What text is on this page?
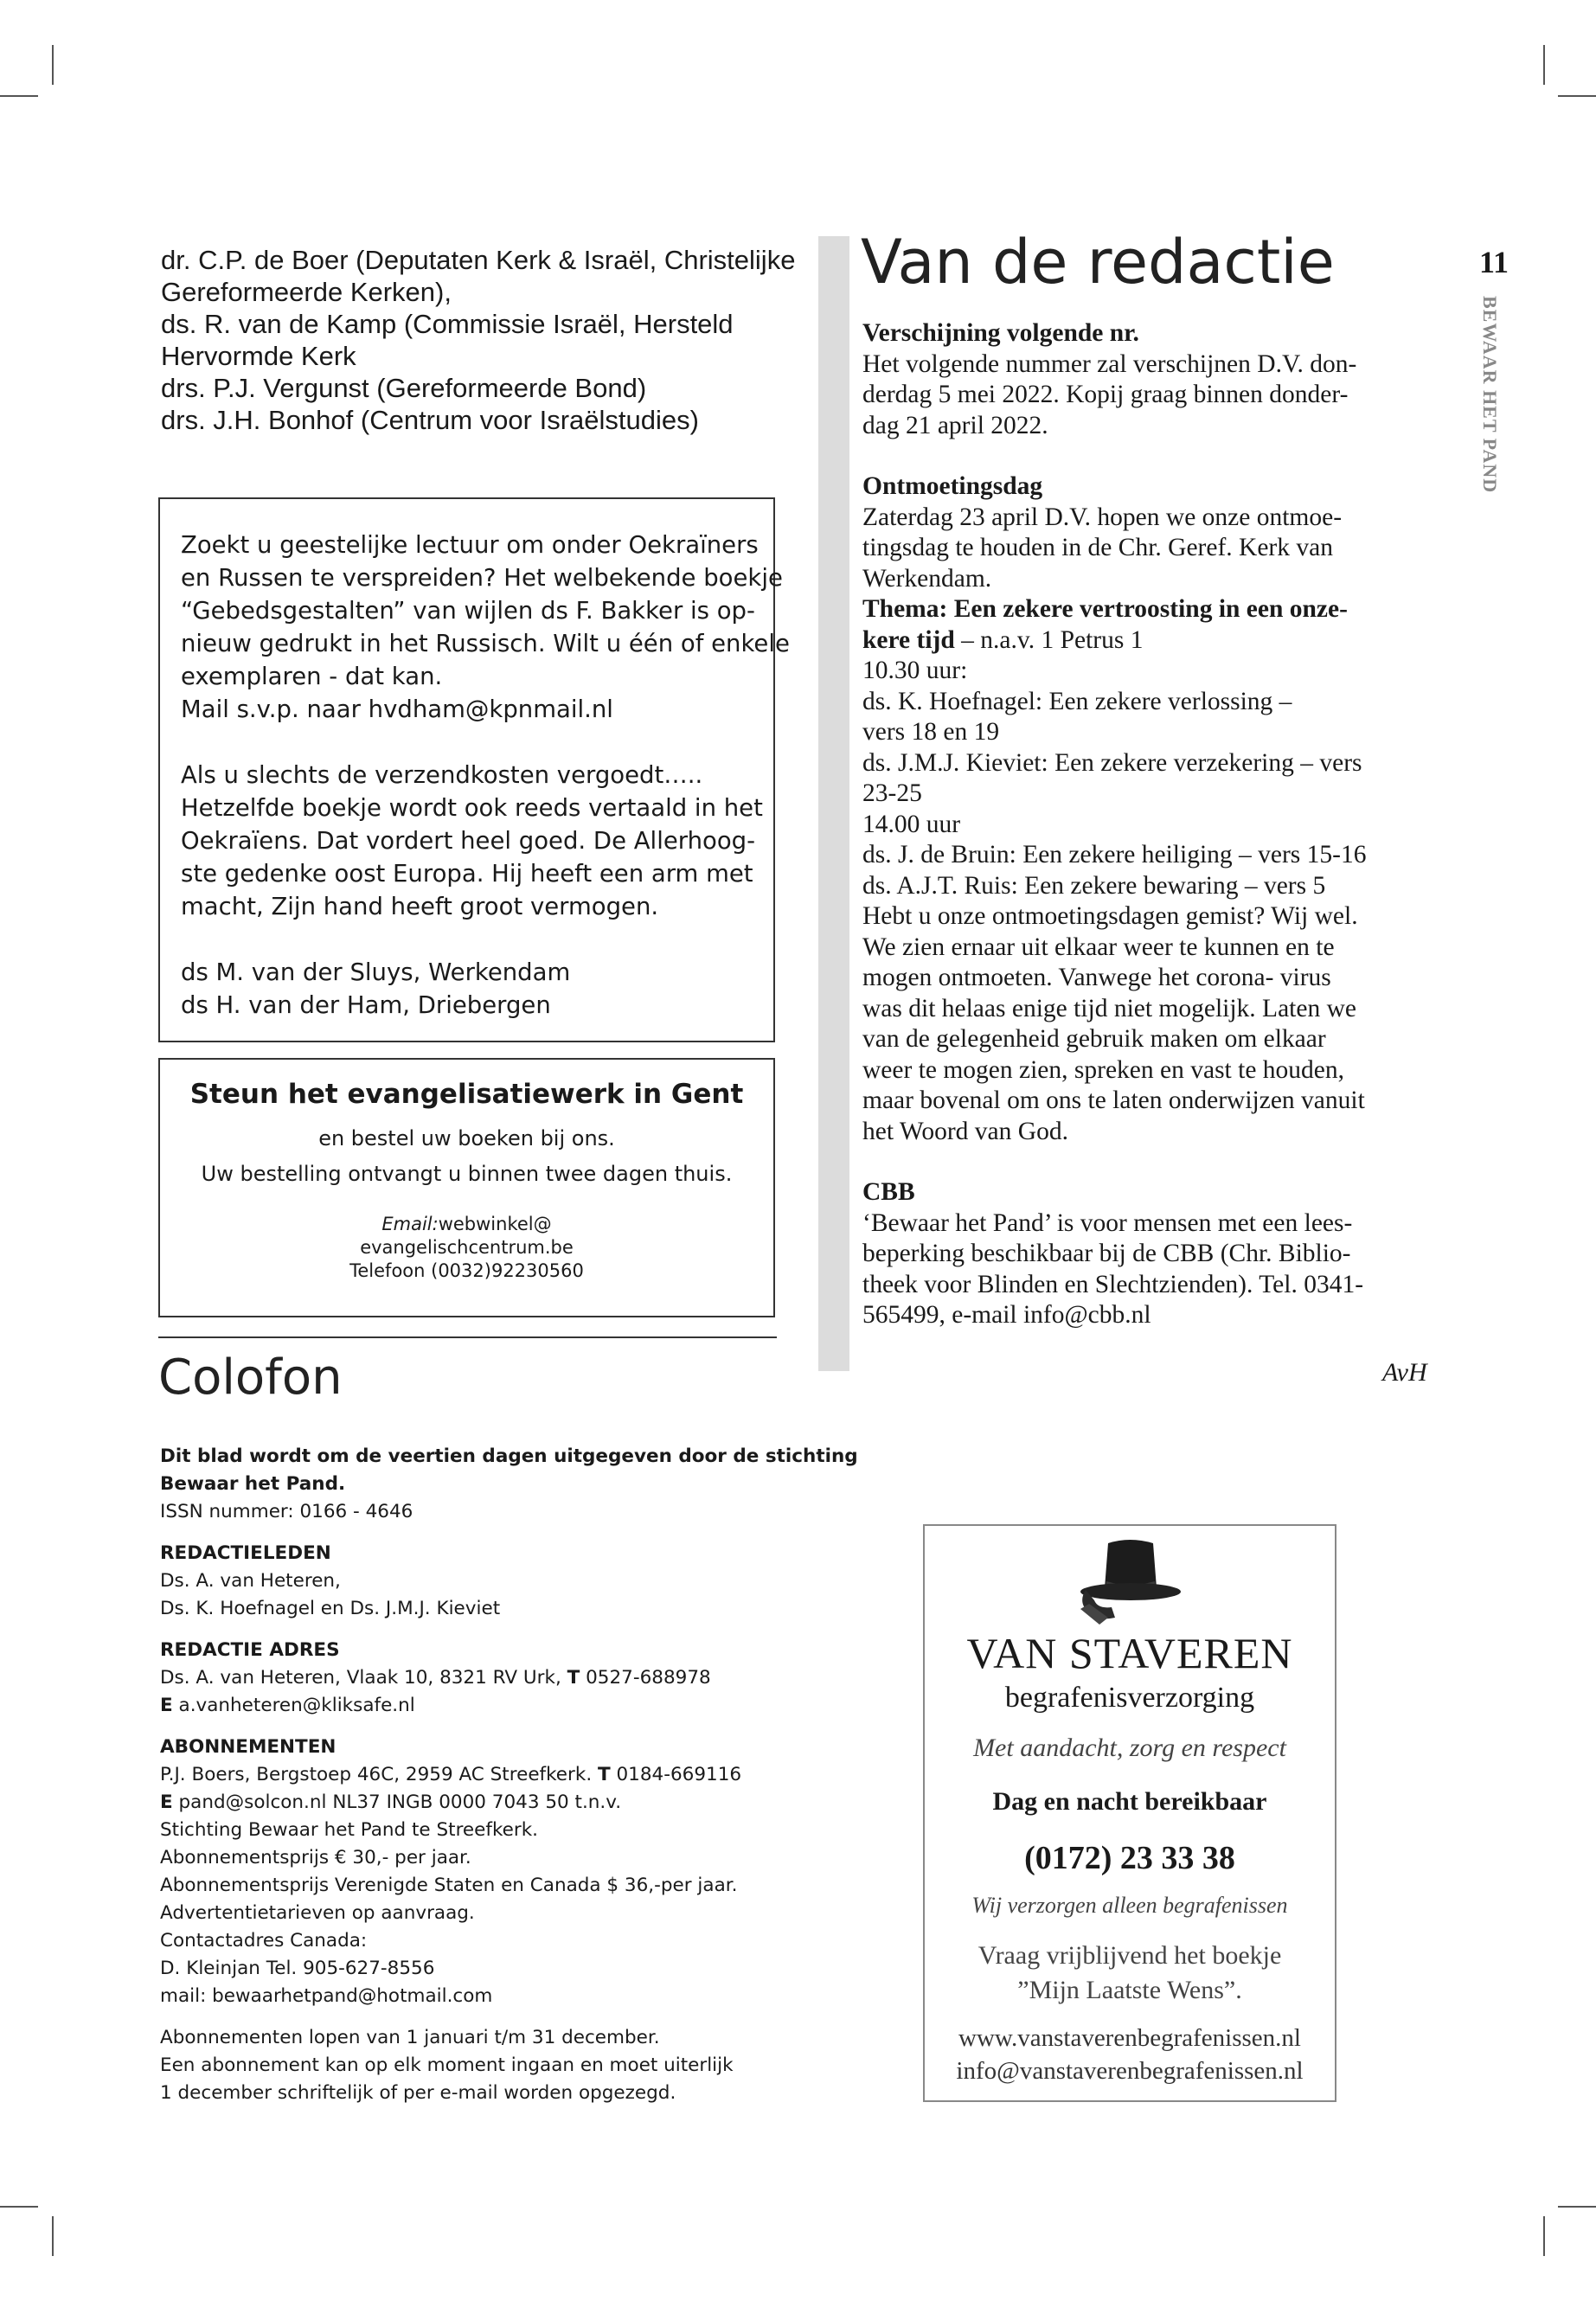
dr. C.P. de Boer (Deputaten Kerk & Israël, Christelijke
Gereformeerde Kerken),
ds. R. van de Kamp (Commissie Israël, Hersteld
Hervormde Kerk
drs. P.J. Vergunst (Gereformeerde Bond)
drs. J.H. Bonhof (Centrum voor Israëlstudies)
Zoekt u geestelijke lectuur om onder Oekraïners
en Russen te verspreiden? Het welbekende boekje
“Gebedsgestalten” van wijlen ds F. Bakker is op-
nieuw gedrukt in het Russisch. Wilt u één of enkele
exemplaren - dat kan.
Mail s.v.p. naar hvdham@kpnmail.nl
Als u slechts de verzendkosten vergoedt…..
Hetzelfde boekje wordt ook reeds vertaald in het
Oekraïens. Dat vordert heel goed. De Allerhoog-
ste gedenke oost Europa. Hij heeft een arm met
macht, Zijn hand heeft groot vermogen.
ds M. van der Sluys, Werkendam
ds H. van der Ham, Driebergen
Steun het evangelisatiewerk in Gent
en bestel uw boeken bij ons.
Uw bestelling ontvangt u binnen twee dagen thuis.
Email:webwinkel@
evangelischcentrum.be
Telefoon (0032)92230560
Colofon
Dit blad wordt om de veertien dagen uitgegeven door de stichting
Bewaar het Pand.
ISSN nummer: 0166 - 4646
REDACTIELEDEN
Ds. A. van Heteren,
Ds. K. Hoefnagel en Ds. J.M.J. Kieviet
REDACTIE ADRES
Ds. A. van Heteren, Vlaak 10, 8321 RV Urk, T 0527-688978
E a.vanheteren@kliksafe.nl
ABONNEMENTEN
P.J. Boers, Bergstoep 46C, 2959 AC Streefkerk. T 0184-669116
E pand@solcon.nl NL37 INGB 0000 7043 50 t.n.v.
Stichting Bewaar het Pand te Streefkerk.
Abonnementsprijs € 30,- per jaar.
Abonnementsprijs Verenigde Staten en Canada $ 36,-per jaar.
Advertentietarieven op aanvraag.
Contactadres Canada:
D. Kleinjan Tel. 905-627-8556
mail: bewaarhetpand@hotmail.com
Abonnementen lopen van 1 januari t/m 31 december.
Een abonnement kan op elk moment ingaan en moet uiterlijk
1 december schriftelijk of per e-mail worden opgezegd.
Van de redactie
Verschijning volgende nr.
Het volgende nummer zal verschijnen D.V. don-
derdag 5 mei 2022. Kopij graag binnen donder-
dag 21 april 2022.
Ontmoetingsdag
Zaterdag 23 april D.V. hopen we onze ontmoe-
tingsdag te houden in de Chr. Geref. Kerk van
Werkendam.
Thema: Een zekere vertroosting in een onze-
kere tijd – n.a.v. 1 Petrus 1
10.30 uur:
ds. K. Hoefnagel: Een zekere verlossing –
vers 18 en 19
ds. J.M.J. Kieviet: Een zekere verzekering – vers
23-25
14.00 uur
ds. J. de Bruin: Een zekere heiliging – vers 15-16
ds. A.J.T. Ruis: Een zekere bewaring – vers 5
Hebt u onze ontmoetingsdagen gemist? Wij wel.
We zien ernaar uit elkaar weer te kunnen en te
mogen ontmoeten. Vanwege het corona- virus
was dit helaas enige tijd niet mogelijk. Laten we
van de gelegenheid gebruik maken om elkaar
weer te mogen zien, spreken en vast te houden,
maar bovenal om ons te laten onderwijzen vanuit
het Woord van God.
CBB
‘Bewaar het Pand’ is voor mensen met een lees-
beperking beschikbaar bij de CBB (Chr. Biblio-
theek voor Blinden en Slechtzienden). Tel. 0341-
565499, e-mail info@cbb.nl
AvH
11
BEWAAR HET PAND
VAN STAVEREN
begrafenisverzorging
Met aandacht, zorg en respect
Dag en nacht bereikbaar
(0172) 23 33 38
Wij verzorgen alleen begrafenissen
Vraag vrijblijvend het boekje
”Mijn Laatste Wens”.
www.vanstaverenbegrafenissen.nl
info@vanstaverenbegrafenissen.nl
